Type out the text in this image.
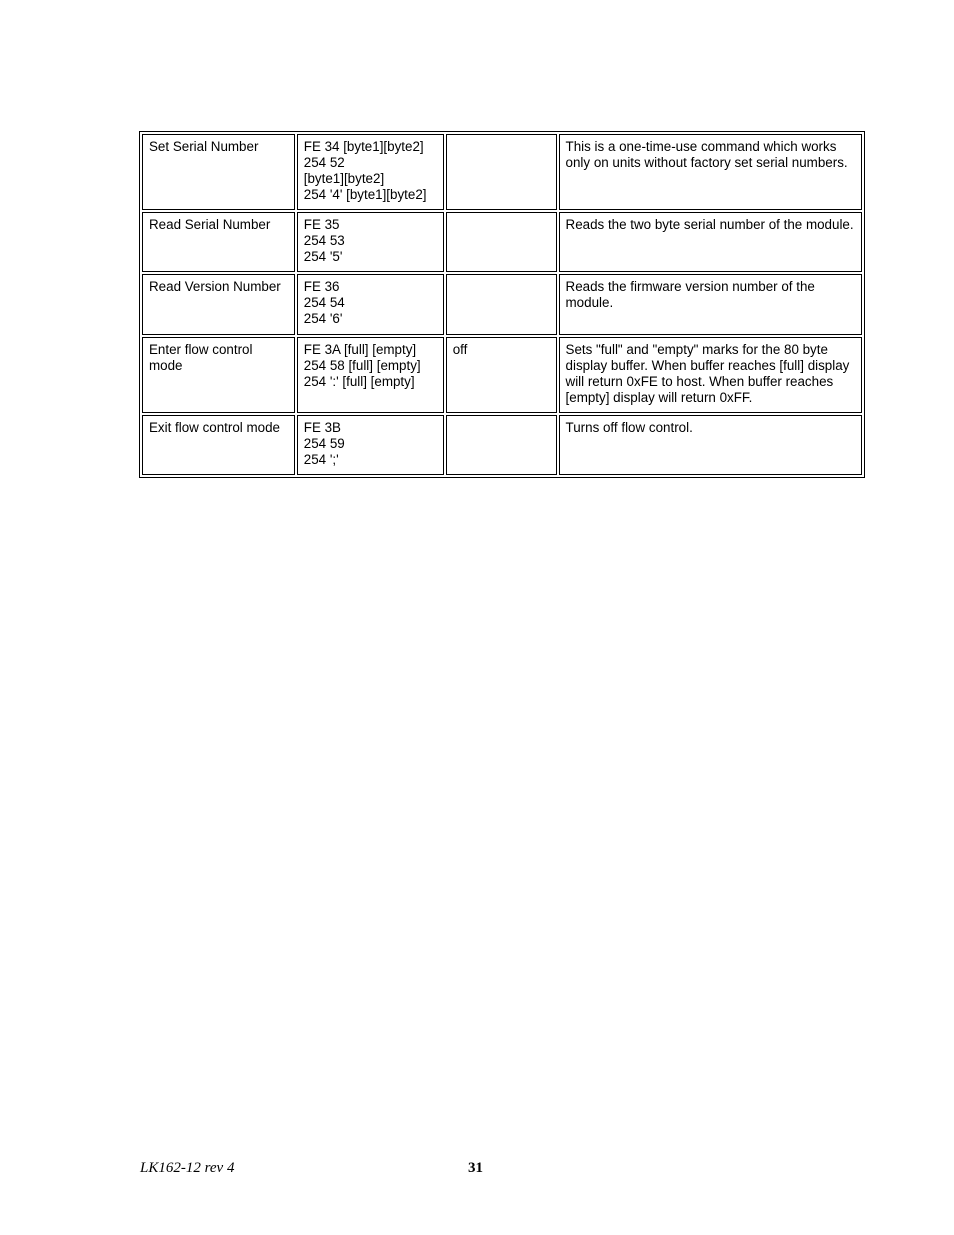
Set Serial Number	FE 34 [byte1][byte2]
254 52
[byte1][byte2]
254 '4' [byte1][byte2]		This is a one-time-use command which works only on units without factory set serial numbers.
Read Serial Number	FE 35
254 53
254 '5'		Reads the two byte serial number of the module.
Read Version Number	FE 36
254 54
254 '6'		Reads the firmware version number of the module.
Enter flow control mode	FE 3A [full] [empty]
254 58 [full] [empty]
254 ':' [full] [empty]	off	Sets "full" and "empty" marks for the 80 byte display buffer. When buffer reaches [full] display will return 0xFE to host. When buffer reaches [empty] display will return 0xFF.
Exit flow control mode	FE 3B
254 59
254 ';'		Turns off flow control.
LK162-12 rev 4	31
